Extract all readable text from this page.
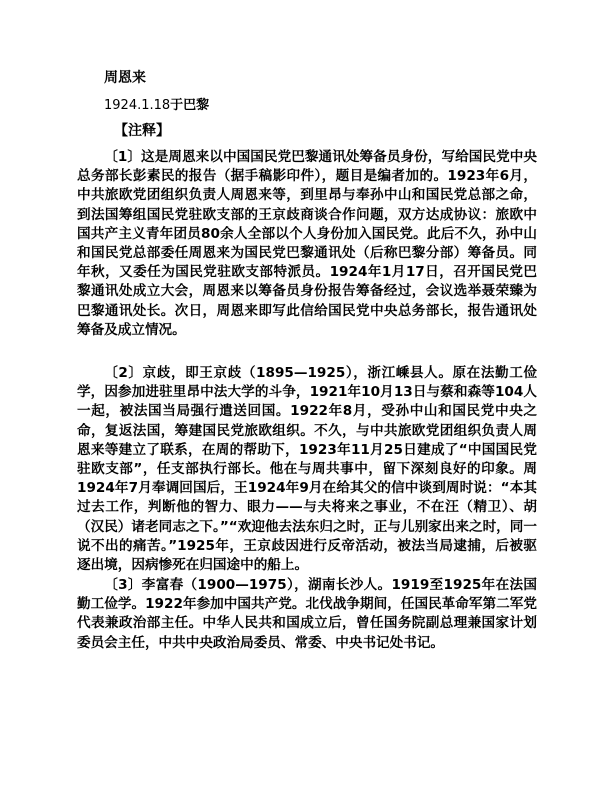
周恩来
1924.1.18于巴黎
【注释】

〔1〕这是周恩来以中国国民党巴黎通讯处筹备员身份，写给国民党中央总务部长彭素民的报告（据手稿影印件），题目是编者加的。1923年6月，中共旅欧党团组织负责人周恩来等，到里昂与奉孙中山和国民党总部之命，到法国筹组国民党驻欧支部的王京歧商谈合作问题，双方达成协议：旅欧中国共产主义青年团员80余人全部以个人身份加入国民党。此后不久，孙中山和国民党总部委任周恩来为国民党巴黎通讯处（后称巴黎分部）筹备员。同年秋，又委任为国民党驻欧支部特派员。1924年1月17日，召开国民党巴黎通讯处成立大会，周恩来以筹备员身份报告筹备经过，会议选举聂荣臻为巴黎通讯处长。次日，周恩来即写此信给国民党中央总务部长，报告通讯处筹备及成立情况。

〔2〕京歧，即王京歧（1895—1925），浙江嵊县人。原在法勤工俭学，因参加进驻里昂中法大学的斗争，1921年10月13日与蔡和森等104人一起，被法国当局强行遣送回国。1922年8月，受孙中山和国民党中央之命，复返法国，筹建国民党旅欧组织。不久，与中共旅欧党团组织负责人周恩来等建立了联系，在周的帮助下，1923年11月25日建成了“中国国民党驻欧支部”，任支部执行部长。他在与周共事中，留下深刻良好的印象。周1924年7月奉调回国后，王1924年9月在给其父的信中谈到周时说：“本其过去工作，判断他的智力、眼力——与夫将来之事业，不在汪（精卫）、胡（汉民）诸老同志之下。”“欢迎他去法东归之时，正与儿别家出来之时，同一说不出的痛苦。”1925年，王京歧因进行反帝活动，被法当局逮捕，后被驱逐出境，因病惨死在归国途中的船上。

〔3〕李富春（1900—1975），湖南长沙人。1919至1925年在法国勤工俭学。1922年参加中国共产党。北伐战争期间，任国民革命军第二军党代表兼政治部主任。中华人民共和国成立后，曾任国务院副总理兼国家计划委员会主任，中共中央政治局委员、常委、中央书记处书记。
